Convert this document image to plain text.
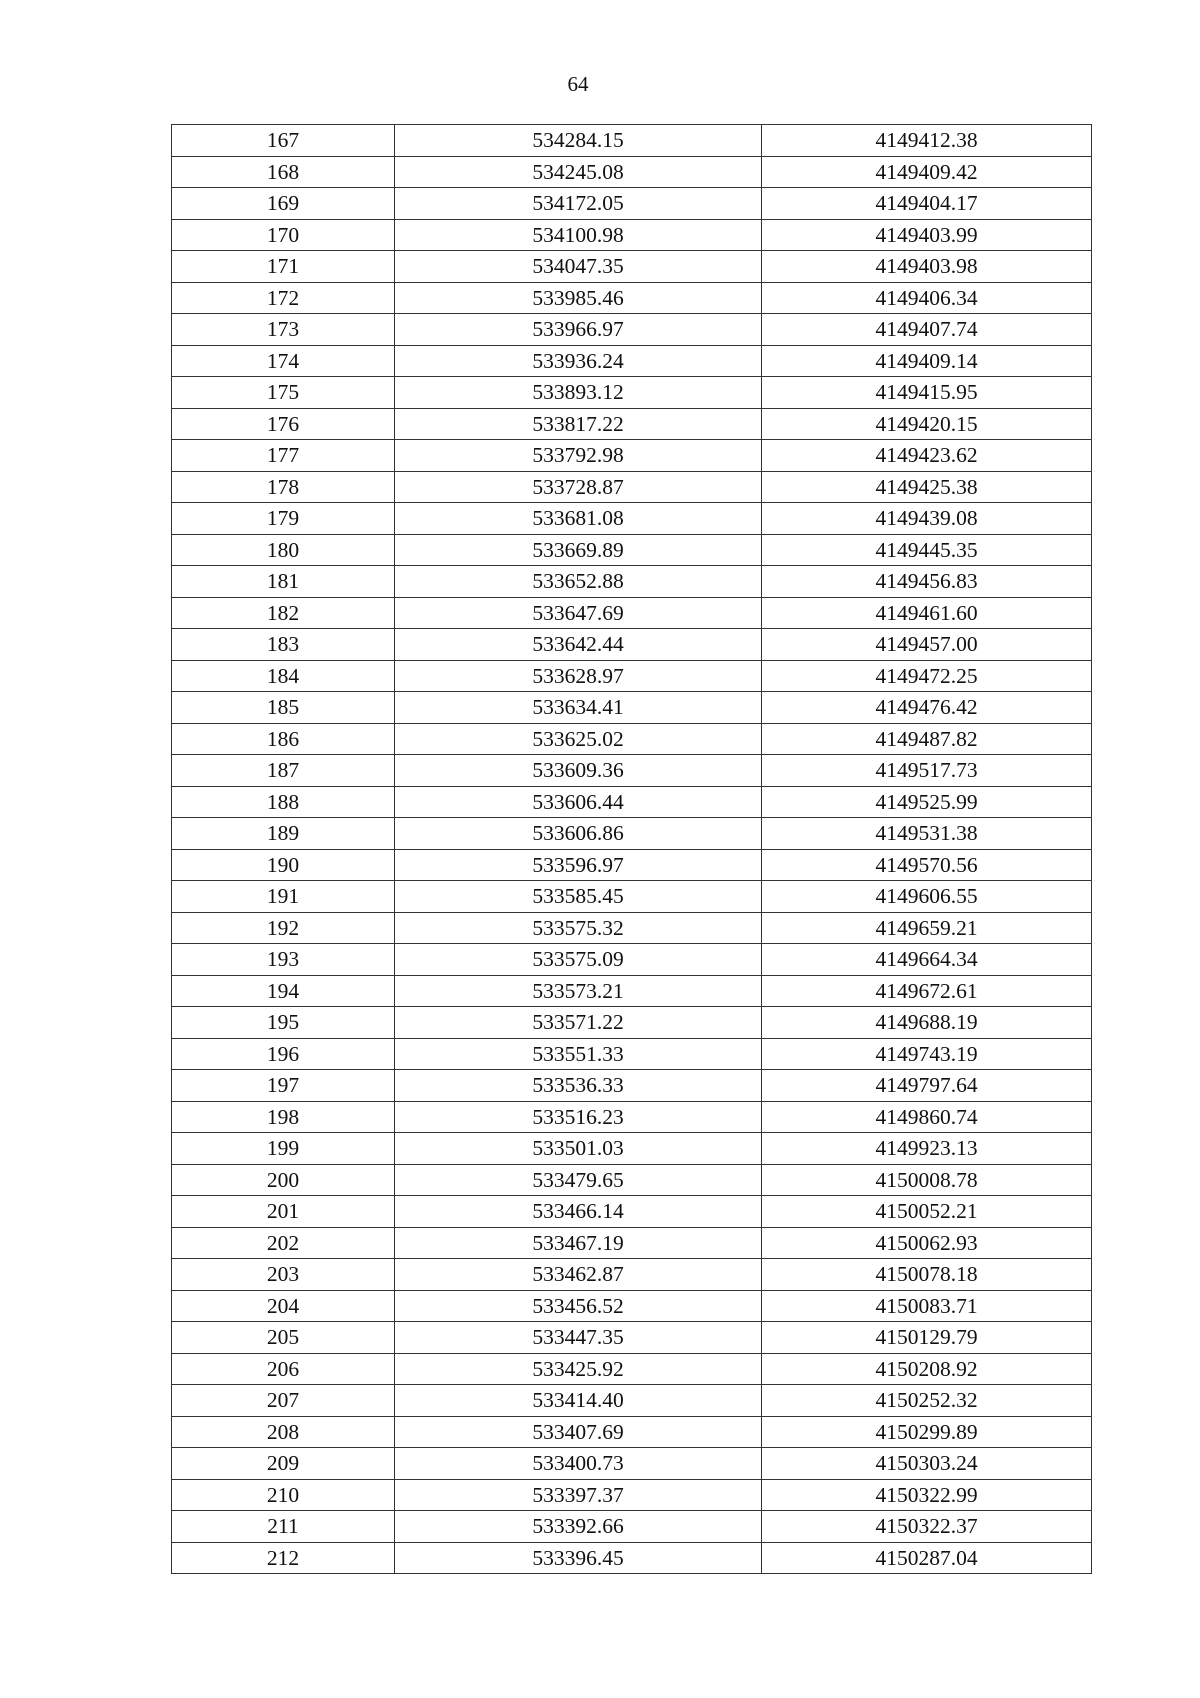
64
167	534284.15	4149412.38
168	534245.08	4149409.42
169	534172.05	4149404.17
170	534100.98	4149403.99
171	534047.35	4149403.98
172	533985.46	4149406.34
173	533966.97	4149407.74
174	533936.24	4149409.14
175	533893.12	4149415.95
176	533817.22	4149420.15
177	533792.98	4149423.62
178	533728.87	4149425.38
179	533681.08	4149439.08
180	533669.89	4149445.35
181	533652.88	4149456.83
182	533647.69	4149461.60
183	533642.44	4149457.00
184	533628.97	4149472.25
185	533634.41	4149476.42
186	533625.02	4149487.82
187	533609.36	4149517.73
188	533606.44	4149525.99
189	533606.86	4149531.38
190	533596.97	4149570.56
191	533585.45	4149606.55
192	533575.32	4149659.21
193	533575.09	4149664.34
194	533573.21	4149672.61
195	533571.22	4149688.19
196	533551.33	4149743.19
197	533536.33	4149797.64
198	533516.23	4149860.74
199	533501.03	4149923.13
200	533479.65	4150008.78
201	533466.14	4150052.21
202	533467.19	4150062.93
203	533462.87	4150078.18
204	533456.52	4150083.71
205	533447.35	4150129.79
206	533425.92	4150208.92
207	533414.40	4150252.32
208	533407.69	4150299.89
209	533400.73	4150303.24
210	533397.37	4150322.99
211	533392.66	4150322.37
212	533396.45	4150287.04
